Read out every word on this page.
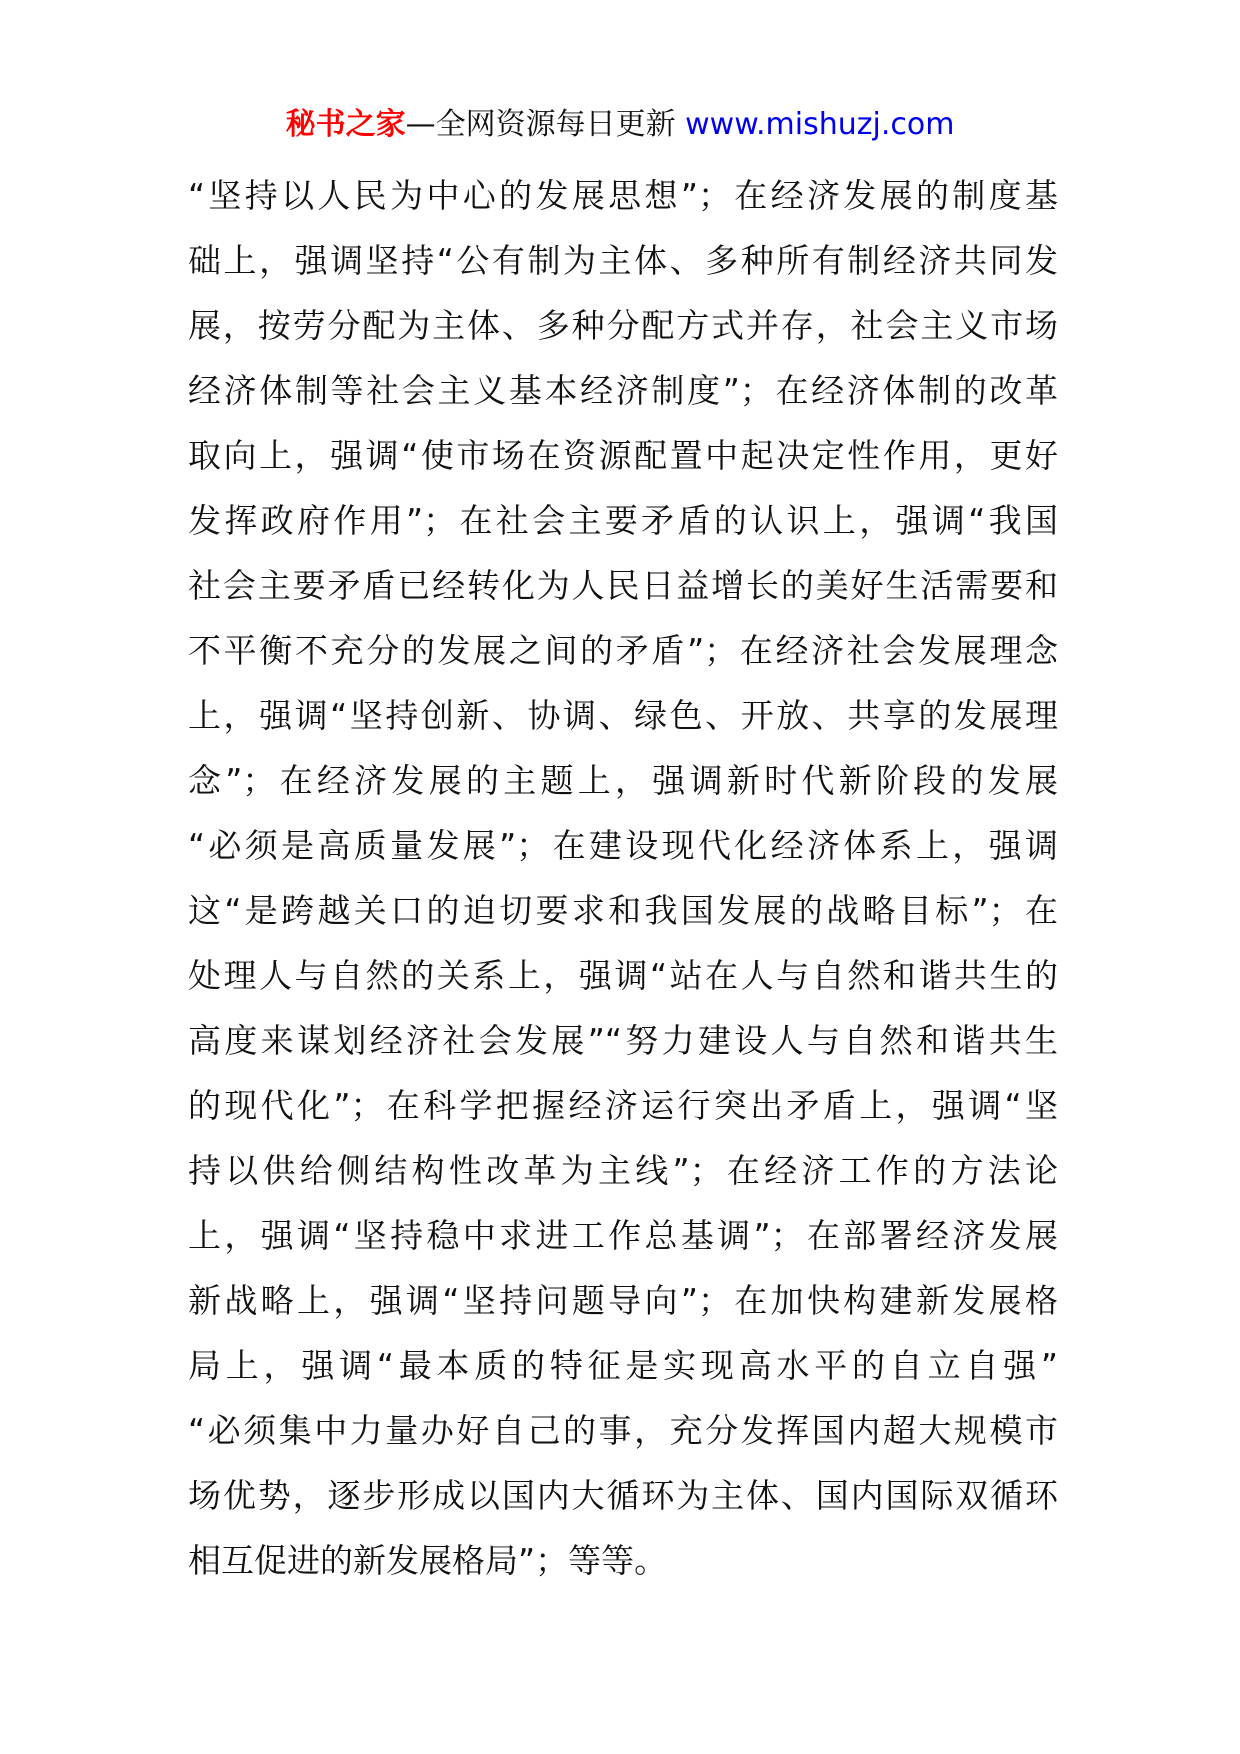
秘书之家—全网资源每日更新 www.mishuzj.com
“坚持以人民为中心的发展思想”；在经济发展的制度基
础上，强调坚持“公有制为主体、多种所有制经济共同发
展，按劳分配为主体、多种分配方式并存，社会主义市场
经济体制等社会主义基本经济制度”；在经济体制的改革
取向上，强调“使市场在资源配置中起决定性作用，更好
发挥政府作用”；在社会主要矛盾的认识上，强调“我国
社会主要矛盾已经转化为人民日益增长的美好生活需要和
不平衡不充分的发展之间的矛盾”；在经济社会发展理念
上，强调“坚持创新、协调、绿色、开放、共享的发展理
念”；在经济发展的主题上，强调新时代新阶段的发展
“必须是高质量发展”；在建设现代化经济体系上，强调
这“是跨越关口的迫切要求和我国发展的战略目标”；在
处理人与自然的关系上，强调“站在人与自然和谐共生的
高度来谋划经济社会发展”“努力建设人与自然和谐共生
的现代化”；在科学把握经济运行突出矛盾上，强调“坚
持以供给侧结构性改革为主线”；在经济工作的方法论
上，强调“坚持稳中求进工作总基调”；在部署经济发展
新战略上，强调“坚持问题导向”；在加快构建新发展格
局上，强调“最本质的特征是实现高水平的自立自强”
“必须集中力量办好自己的事，充分发挥国内超大规模市
场优势，逐步形成以国内大循环为主体、国内国际双循环
相互促进的新发展格局”；等等。
